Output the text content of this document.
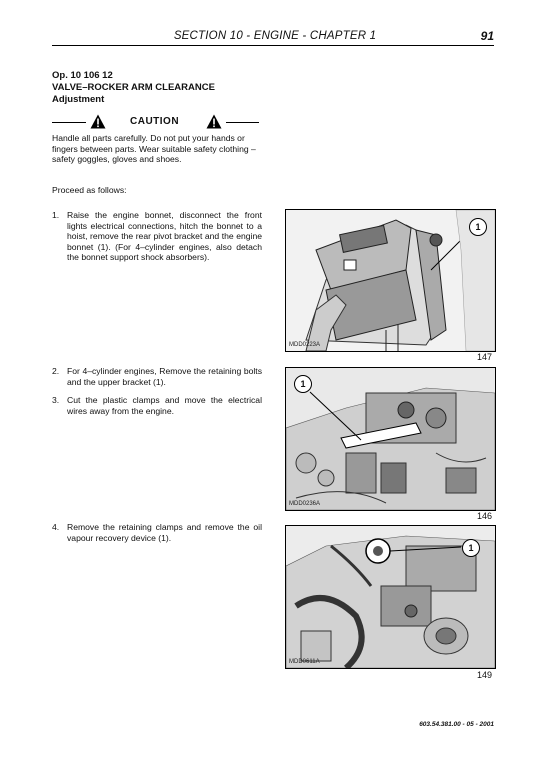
SECTION 10 - ENGINE - CHAPTER 1	91
Op. 10 106 12
VALVE–ROCKER ARM CLEARANCE
Adjustment
CAUTION
Handle all parts carefully. Do not put your hands or fingers between parts. Wear suitable safety clothing – safety goggles, gloves and shoes.
Proceed as follows:
1. Raise the engine bonnet, disconnect the front lights electrical connections, hitch the bonnet to a hoist, remove the rear pivot bracket and the engine bonnet (1). (For 4–cylinder engines, also detach the bonnet support shock absorbers).
2. For 4–cylinder engines, Remove the retaining bolts and the upper bracket (1).
3. Cut the plastic clamps and move the electrical wires away from the engine.
4. Remove the retaining clamps and remove the oil vapour recovery device (1).
1
MDD0223A
147
1
MDD0236A
146
1
MDD0611A
149
603.54.381.00 - 05 - 2001
